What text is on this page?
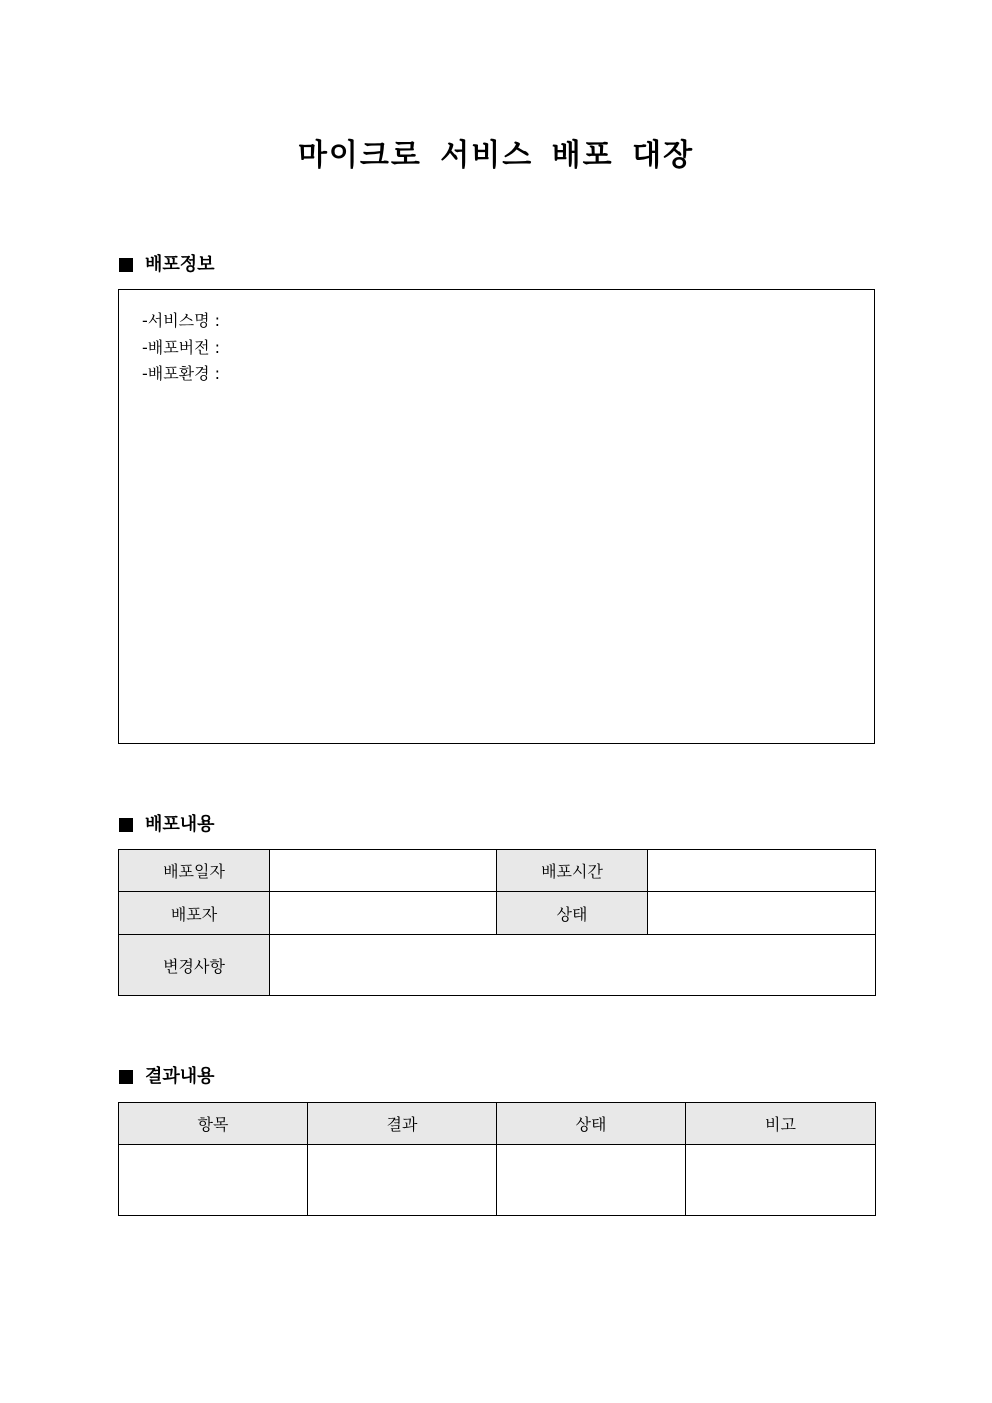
마이크로 서비스 배포 대장
배포정보
-서비스명 :
-배포버전 :
-배포환경 :
배포내용
배포일자		배포시간	
배포자		상태	
변경사항			
결과내용
항목	결과	상태	비고
